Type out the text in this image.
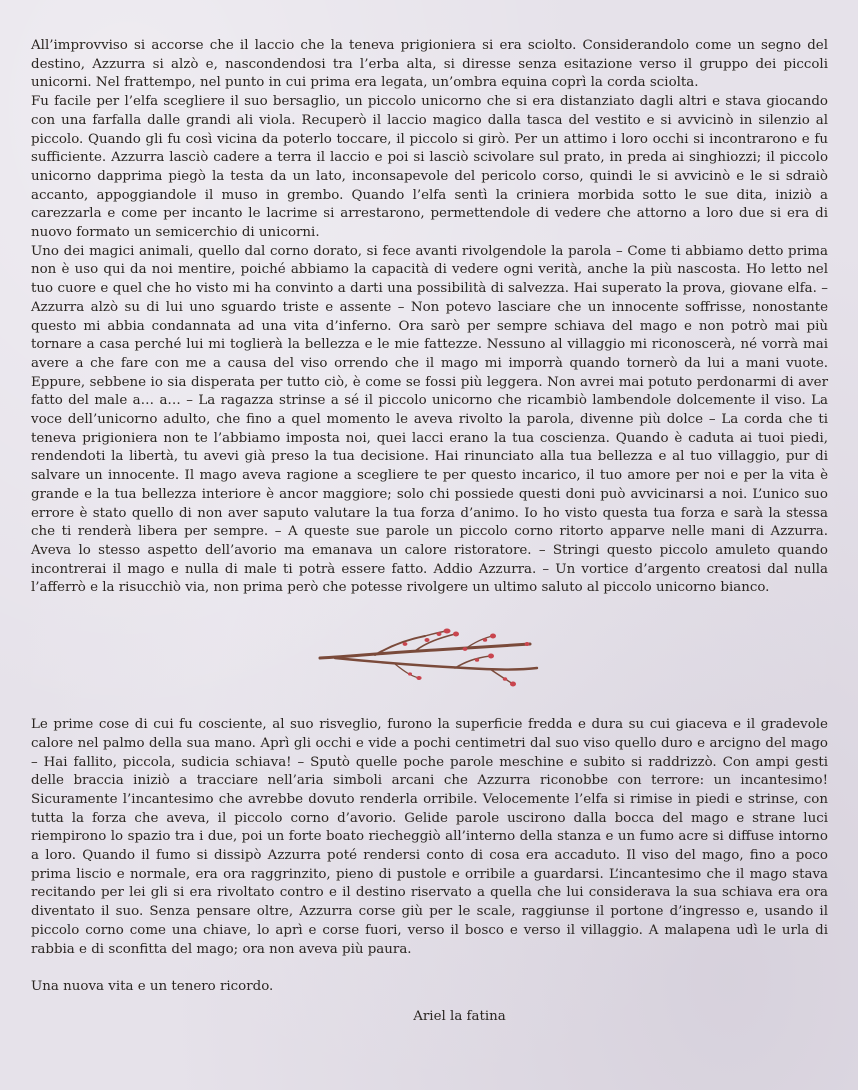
All’improvviso si accorse che il laccio che la teneva prigioniera si era sciolto. Considerandolo come un segno del destino, Azzurra si alzò e, nascondendosi tra l’erba alta, si diresse senza esitazione verso il gruppo dei piccoli unicorni. Nel frattempo, nel punto in cui prima era legata, un’ombra equina coprì la corda sciolta.

Fu facile per l’elfa scegliere il suo bersaglio, un piccolo unicorno che si era distanziato dagli altri e stava giocando con una farfalla dalle grandi ali viola. Recuperò il laccio magico dalla tasca del vestito e si avvicinò in silenzio al piccolo. Quando gli fu così vicina da poterlo toccare, il piccolo si girò. Per un attimo i loro occhi si incontrarono e fu sufficiente. Azzurra lasciò cadere a terra il laccio e poi si lasciò scivolare sul prato, in preda ai singhiozzi; il piccolo unicorno dapprima piegò la testa da un lato, inconsapevole del pericolo corso, quindi le si avvicinò e le si sdraiò accanto, appoggiandole il muso in grembo. Quando l’elfa sentì la criniera morbida sotto le sue dita, iniziò a carezzarla e come per incanto le lacrime si arrestarono, permettendole di vedere che attorno a loro due si era di nuovo formato un semicerchio di unicorni.

Uno dei magici animali, quello dal corno dorato, si fece avanti rivolgendole la parola – Come ti abbiamo detto prima non è uso qui da noi mentire, poiché abbiamo la capacità di vedere ogni verità, anche la più nascosta. Ho letto nel tuo cuore e quel che ho visto mi ha convinto a darti una possibilità di salvezza. Hai superato la prova, giovane elfa. – Azzurra alzò su di lui uno sguardo triste e assente – Non potevo lasciare che un innocente soffrisse, nonostante questo mi abbia condannata ad una vita d’inferno. Ora sarò per sempre schiava del mago e non potrò mai più tornare a casa perché lui mi toglierà la bellezza e le mie fattezze. Nessuno al villaggio mi riconoscerà, né vorrà mai avere a che fare con me a causa del viso orrendo che il mago mi imporrà quando tornerò da lui a mani vuote. Eppure, sebbene io sia disperata per tutto ciò, è come se fossi più leggera. Non avrei mai potuto perdonarmi di aver fatto del male a… a… – La ragazza strinse a sé il piccolo unicorno che ricambiò lambendole dolcemente il viso. La voce dell’unicorno adulto, che fino a quel momento le aveva rivolto la parola, divenne più dolce – La corda che ti teneva prigioniera non te l’abbiamo imposta noi, quei lacci erano la tua coscienza. Quando è caduta ai tuoi piedi, rendendoti la libertà, tu avevi già preso la tua decisione. Hai rinunciato alla tua bellezza e al tuo villaggio, pur di salvare un innocente. Il mago aveva ragione a scegliere te per questo incarico, il tuo amore per noi e per la vita è grande e la tua bellezza interiore è ancor maggiore; solo chi possiede questi doni può avvicinarsi a noi. L’unico suo errore è stato quello di non aver saputo valutare la tua forza d’animo. Io ho visto questa tua forza e sarà la stessa che ti renderà libera per sempre. – A queste sue parole un piccolo corno ritorto apparve nelle mani di Azzurra. Aveva lo stesso aspetto dell’avorio ma emanava un calore ristoratore. – Stringi questo piccolo amuleto quando incontrerai il mago e nulla di male ti potrà essere fatto. Addio Azzurra. – Un vortice d’argento creatosi dal nulla l’afferrò e la risucchiò via, non prima però che potesse rivolgere un ultimo saluto al piccolo unicorno bianco.

Le prime cose di cui fu cosciente, al suo risveglio, furono la superficie fredda e dura su cui giaceva e il gradevole calore nel palmo della sua mano. Aprì gli occhi e vide a pochi centimetri dal suo viso quello duro e arcigno del mago – Hai fallito, piccola, sudicia schiava! – Sputò quelle poche parole meschine e subito si raddrizzò. Con ampi gesti delle braccia iniziò a tracciare nell’aria simboli arcani che Azzurra riconobbe con terrore: un incantesimo! Sicuramente l’incantesimo che avrebbe dovuto renderla orribile. Velocemente l’elfa si rimise in piedi e strinse, con tutta la forza che aveva, il piccolo corno d’avorio. Gelide parole uscirono dalla bocca del mago e strane luci riempirono lo spazio tra i due, poi un forte boato riecheggiò all’interno della stanza e un fumo acre si diffuse intorno a loro. Quando il fumo si dissipò Azzurra poté rendersi conto di cosa era accaduto. Il viso del mago, fino a poco prima liscio e normale, era ora raggrinzito, pieno di pustole e orribile a guardarsi. L’incantesimo che il mago stava recitando per lei gli si era rivoltato contro e il destino riservato a quella che lui considerava la sua schiava era ora diventato il suo. Senza pensare oltre, Azzurra corse giù per le scale, raggiunse il portone d’ingresso e, usando il piccolo corno come una chiave, lo aprì e corse fuori, verso il bosco e verso il villaggio. A malapena udì le urla di rabbia e di sconfitta del mago; ora non aveva più paura.

Una nuova vita e un tenero ricordo.

Ariel la fatina
